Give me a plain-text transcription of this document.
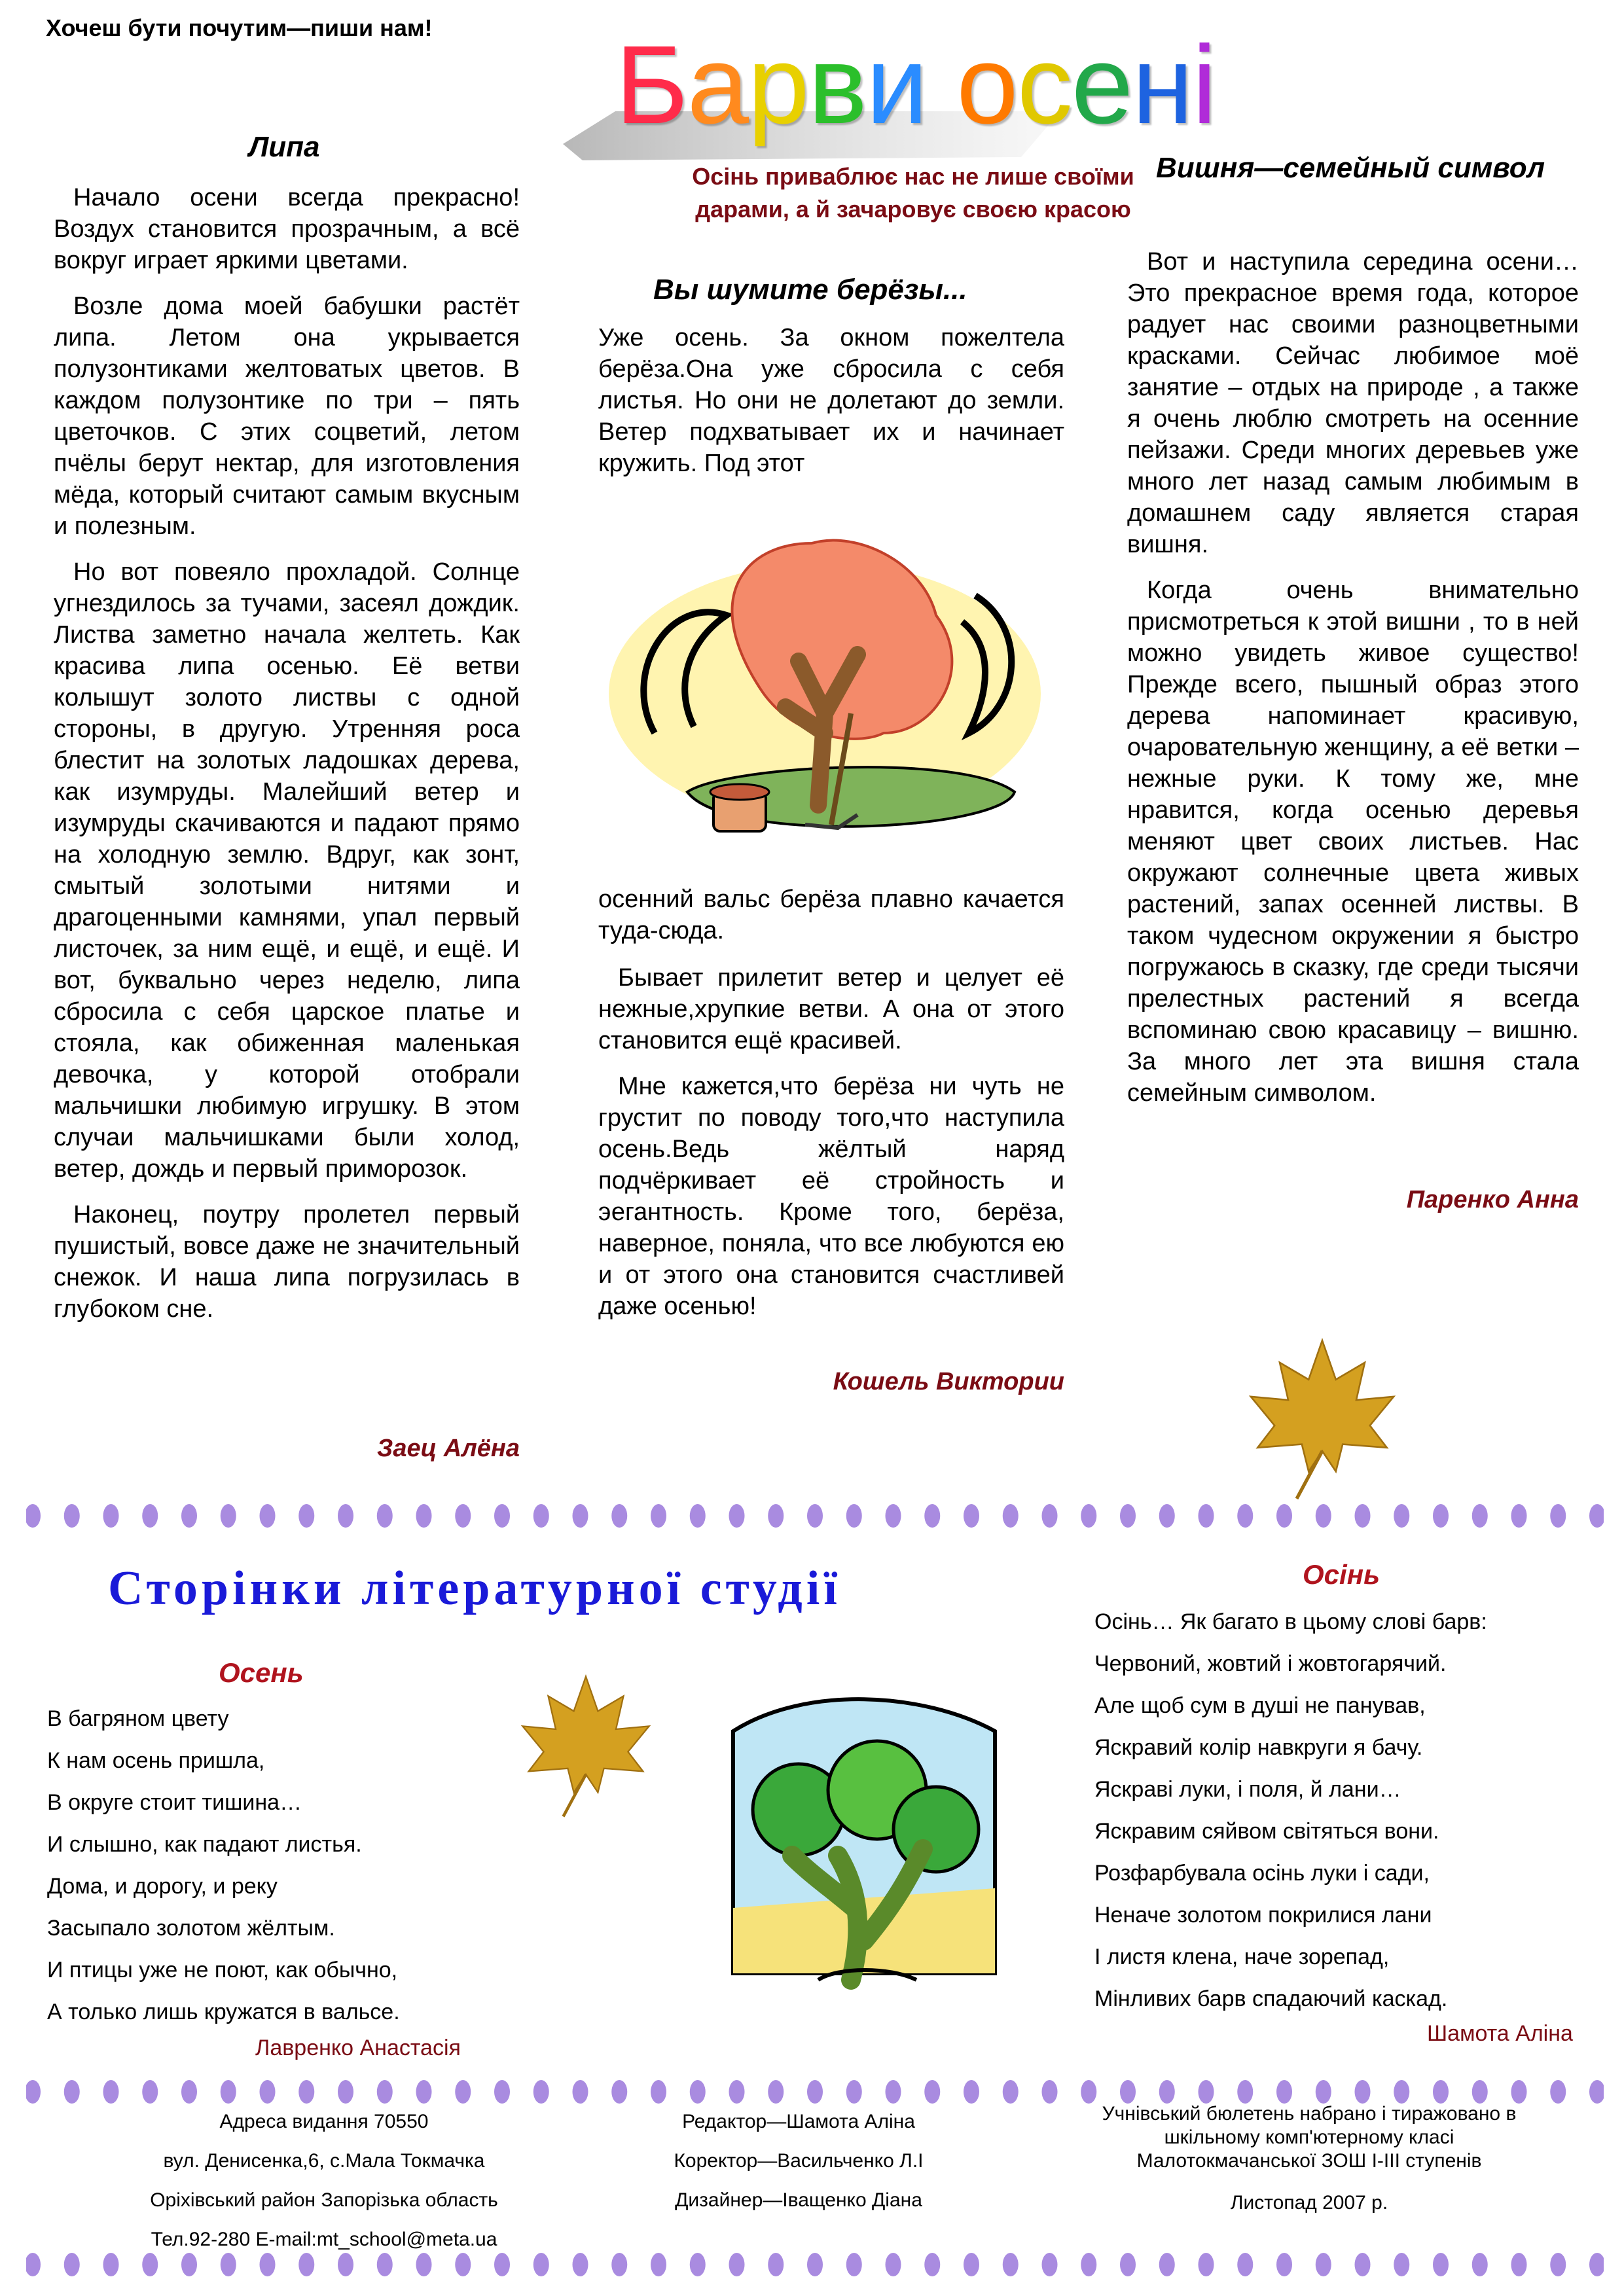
Хочеш бути почутим—пиши нам! Барви осені
Осінь приваблює нас не лише своїми
дарами, а й зачаровує своєю красою
Липа

Начало осени всегда прекрасно! Воздух становится прозрачным, а всё вокруг играет яркими цветами.

Возле дома моей бабушки растёт липа. Летом она укрывается полузонтиками желтоватых цветов. В каждом полузонтике по три – пять цветочков. С этих соцветий, летом пчёлы берут нектар, для изготовления мёда, который считают самым вкусным и полезным.

Но вот повеяло прохладой. Солнце угнездилось за тучами, засеял дождик. Листва заметно начала желтеть. Как красива липа осенью. Её ветви колышут золото листвы с одной стороны, в другую. Утренняя роса блестит на золотых ладошках дерева, как изумруды. Малейший ветер и изумруды скачиваются и падают прямо на холодную землю. Вдруг, как зонт, смытый золотыми нитями и драгоценными камнями, упал первый листочек, за ним ещё, и ещё, и ещё. И вот, буквально через неделю, липа сбросила с себя царское платье и стояла, как обиженная маленькая девочка, у которой отобрали мальчишки любимую игрушку. В этом случаи мальчишками были холод, ветер, дождь и первый приморозок.

Наконец, поутру пролетел первый пушистый, вовсе даже не значительный снежок. И наша липа погрузилась в глубоком сне.

Заец Алёна
Вы шумите берёзы...
Уже осень. За окном пожелтела берёза.Она уже сбросила с себя листья. Но они не долетают до земли. Ветер подхватывает их и начинает кружить. Под этот
осенний вальс берёза плавно качается туда-сюда.

Бывает прилетит ветер и целует её нежные,хрупкие ветви. А она от этого становится ещё красивей.

Мне кажется,что берёза ни чуть не грустит по поводу того,что наступила осень.Ведь жёлтый наряд подчёркивает её стройность и эегантность. Кроме того, берёза, наверное, поняла, что все любуются ею и от этого она становится счастливей даже осенью!

Кошель Виктории
Вишня—семейный символ

Вот и наступила середина осени…Это прекрасное время года, которое радует нас своими разноцветными красками. Сейчас любимое моё занятие – отдых на природе , а также я очень люблю смотреть на осенние пейзажи. Среди многих деревьев уже много лет назад самым любимым в домашнем саду является старая вишня.

Когда очень внимательно присмотреться к этой вишни , то в ней можно увидеть живое существо! Прежде всего, пышный образ этого дерева напоминает красивую, очаровательную женщину, а её ветки – нежные руки. К тому же, мне нравится, когда осенью деревья меняют цвет своих листьев. Нас окружают солнечные цвета живых растений, запах осенней листвы. В таком чудесном окружении я быстро погружаюсь в сказку, где среди тысячи прелестных растений я всегда вспоминаю свою красавицу – вишню. За много лет эта вишня стала семейным символом.

Паренко Анна
Сторінки літературної студії
Осень
В багряном цвету
К нам осень пришла,
В округе стоит тишина…
И слышно, как падают листья.
Дома, и дорогу, и реку
Засыпало золотом жёлтым.
И птицы уже не поют, как обычно,
А только лишь кружатся в вальсе.
Лавренко Анастасія
Осінь
Осінь… Як багато в цьому слові барв:
Червоний, жовтий і жовтогарячий.
Але щоб сум в душі не панував,
Яскравий колір навкруги я бачу.
Яскраві луки, і поля, й лани…
Яскравим сяйвом світяться вони.
Розфарбувала осінь луки і сади,
Неначе золотом покрилися лани
І листя клена, наче зорепад,
Мінливих барв спадаючий каскад.
Шамота Аліна
Адреса видання 70550
вул. Денисенка,6, с.Мала Токмачка
Оріхівський район Запорізька область
Тел.92-280 E-mail:mt_school@meta.ua
Редактор—Шамота Аліна
Коректор—Васильченко Л.І
Дизайнер—Іващенко Діана
Учнівський бюлетень набрано і тиражовано в
шкільному комп'ютерному класі
Малотокмачанської ЗОШ І-ІІІ ступенів
Листопад 2007 р.
